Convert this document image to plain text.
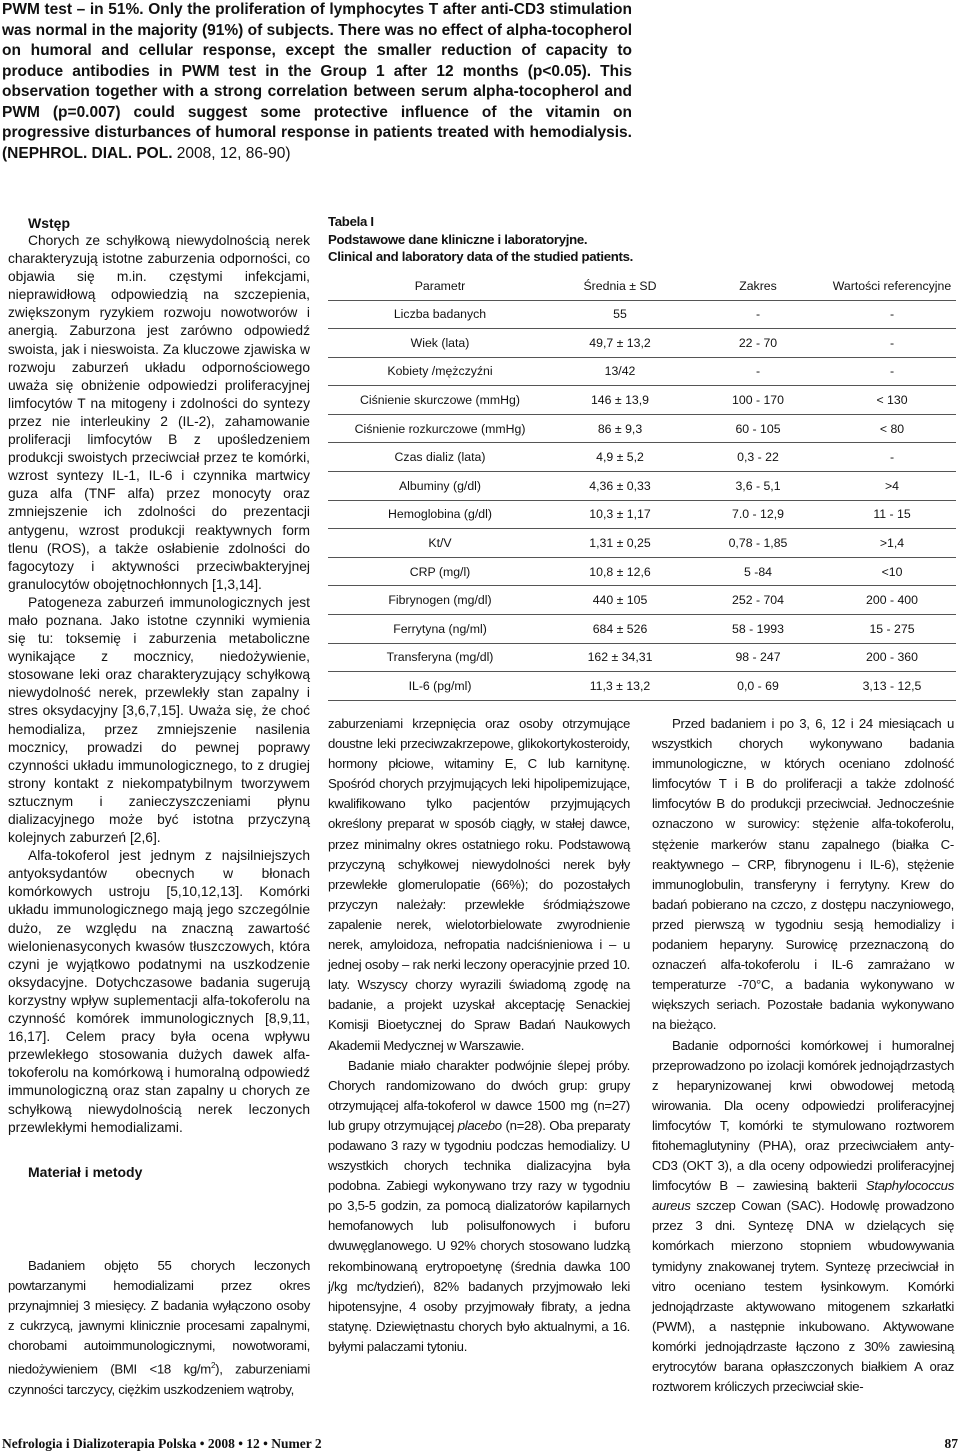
PWM test – in 51%. Only the proliferation of lymphocytes T after anti-CD3 stimulation was normal in the majority (91%) of subjects. There was no effect of alpha-tocopherol on humoral and cellular response, except the smaller reduction of capacity to produce antibodies in PWM test in the Group 1 after 12 months (p<0.05). This observation together with a strong correlation between serum alpha-tocopherol and PWM (p=0.007) could suggest some protective influence of the vitamin on progressive disturbances of humoral response in patients treated with hemodialysis.                 (NEPHROL. DIAL. POL. 2008, 12, 86-90)

Wstęp

Chorych ze schyłkową niewydolnością nerek charakteryzują istotne zaburzenia odporności, co objawia się m.in. częstymi infekcjami, nieprawidłową odpowiedzią na szczepienia, zwiększonym ryzykiem rozwoju nowotworów i anergią. Zaburzona jest zarówno odpowiedź swoista, jak i nieswoista. Za kluczowe zjawiska w rozwoju zaburzeń układu odpornościowego uważa się obniżenie odpowiedzi proliferacyjnej limfocytów T na mitogeny i zdolności do syntezy przez nie interleukiny 2 (IL-2), zahamowanie proliferacji limfocytów B z upośledzeniem produkcji swoistych przeciwciał przez te komórki, wzrost syntezy IL-1, IL-6 i czynnika martwicy guza alfa (TNF alfa) przez monocyty oraz zmniejszenie ich zdolności do prezentacji antygenu, wzrost produkcji reaktywnych form tlenu (ROS), a także osłabienie zdolności do fagocytozy i aktywności przeciwbakteryjnej granulocytów obojętnochłonnych [1,3,14].

Patogeneza zaburzeń immunologicznych jest mało poznana. Jako istotne czynniki wymienia się tu: toksemię i zaburzenia metaboliczne wynikające z mocznicy, niedożywienie, stosowane leki oraz charakteryzujący schyłkową niewydolność nerek, przewlekły stan zapalny i stres oksydacyjny [3,6,7,15]. Uważa się, że choć hemodializa, przez zmniejszenie nasilenia mocznicy, prowadzi do pewnej poprawy czynności układu immunologicznego, to z drugiej strony kontakt z niekompatybilnym tworzywem sztucznym i zanieczyszczeniami płynu dializacyjnego może być istotna przyczyną kolejnych zaburzeń [2,6].

Alfa-tokoferol jest jednym z najsilniejszych antyoksydantów obecnych w błonach komórkowych ustroju [5,10,12,13]. Komórki układu immunologicznego mają jego szczególnie dużo, ze względu na znaczną zawartość wielonienasyconych kwasów tłuszczowych, która czyni je wyjątkowo podatnymi na uszkodzenie oksydacyjne. Dotychczasowe badania sugerują korzystny wpływ suplementacji alfa-tokoferolu na czynność komórek immunologicznych [8,9,11, 16,17]. Celem pracy była ocena wpływu przewlekłego stosowania dużych dawek alfa-tokoferolu na komórkową i humoralną odpowiedź immunologiczną oraz stan zapalny u chorych ze schyłkową niewydolnością nerek leczonych przewlekłymi hemodializami.

Materiał i metody

Badaniem objęto 55 chorych leczonych powtarzanymi hemodializami przez okres przynajmniej 3 miesięcy. Z badania wyłączono osoby z cukrzycą, jawnymi klinicznie procesami zapalnymi, chorobami autoimmunologicznymi, nowotworami, niedożywieniem (BMI <18 $kg/m^2$), zaburzeniami czynności tarczycy, ciężkim uszkodzeniem wątroby,

Tabela I

Podstawowe dane kliniczne i laboratoryjne.

Clinical and laboratory data of the studied patients.

Parametr	Średnia ± SD	Zakres	Wartości referencyjne
Liczba badanych	55	-	-
Wiek (lata)	49,7 ± 13,2	22 - 70	-
Kobiety /mężczyźni	13/42	-	-
Ciśnienie skurczowe (mmHg)	146 ± 13,9	100 - 170	< 130
Ciśnienie rozkurczowe (mmHg)	86 ± 9,3	60 - 105	< 80
Czas dializ (lata)	4,9 ± 5,2	0,3 - 22	-
Albuminy (g/dl)	4,36 ± 0,33	3,6 - 5,1	>4
Hemoglobina (g/dl)	10,3 ± 1,17	7.0 - 12,9	11 - 15
Kt/V	1,31 ± 0,25	0,78 - 1,85	>1,4
CRP (mg/l)	10,8 ± 12,6	5 -84	<10
Fibrynogen (mg/dl)	440 ± 105	252 - 704	200 - 400
Ferrytyna (ng/ml)	684 ± 526	58 - 1993	15 - 275
Transferyna (mg/dl)	162 ± 34,31	98 - 247	200 - 360
IL-6 (pg/ml)	11,3 ± 13,2	0,0 - 69	3,13 - 12,5

zaburzeniami krzepnięcia oraz osoby otrzymujące doustne leki przeciwzakrzepowe, glikokortykosteroidy, hormony płciowe, witaminy E, C lub karnitynę. Spośród chorych przyjmujących leki hipolipemizujące, kwalifikowano tylko pacjentów przyjmujących określony preparat w sposób ciągły, w stałej dawce, przez minimalny okres ostatniego roku. Podstawową przyczyną schyłkowej niewydolności nerek były przewlekłe glomerulopatie (66%); do pozostałych przyczyn należały: przewlekłe śródmiąższowe zapalenie nerek, wielotorbielowate zwyrodnienie nerek, amyloidoza, nefropatia nadciśnieniowa i – u jednej osoby – rak nerki leczony operacyjnie przed 10. laty. Wszyscy chorzy wyrazili świadomą zgodę na badanie, a projekt uzyskał akceptację Senackiej Komisji Bioetycznej do Spraw Badań Naukowych Akademii Medycznej w Warszawie.

Badanie miało charakter podwójnie ślepej próby. Chorych randomizowano do dwóch grup: grupy otrzymującej alfa-tokoferol w dawce 1500 mg (n=27) lub grupy otrzymującej placebo (n=28). Oba preparaty podawano 3 razy w tygodniu podczas hemodializy. U wszystkich chorych technika dializacyjna była podobna. Zabiegi wykonywano trzy razy w tygodniu po 3,5-5 godzin, za pomocą dializatorów kapilarnych hemofanowych lub polisulfonowych i buforu dwuwęglanowego. U 92% chorych stosowano ludzką rekombinowaną erytropoetynę (średnia dawka 100 j/kg mc/tydzień), 82% badanych przyjmowało leki hipotensyjne, 4 osoby przyjmowały fibraty, a jedna statynę. Dziewiętnastu chorych było aktualnymi, a 16. byłymi palaczami tytoniu.

Przed badaniem i po 3, 6, 12 i 24 miesiącach u wszystkich chorych wykonywano badania immunologiczne, w których oceniano zdolność limfocytów T i B do proliferacji a także zdolność limfocytów B do produkcji przeciwciał. Jednocześnie oznaczono w surowicy: stężenie alfa-tokoferolu, stężenie markerów stanu zapalnego (białka C-reaktywnego – CRP, fibrynogenu i IL-6), stężenie immunoglobulin, transferyny i ferrytyny. Krew do badań pobierano na czczo, z dostępu naczyniowego, przed pierwszą w tygodniu sesją hemodializy i podaniem heparyny. Surowicę przeznaczoną do oznaczeń alfa-tokoferolu i IL-6 zamrażano w temperaturze -70°C, a badania wykonywano w większych seriach. Pozostałe badania wykonywano na bieżąco.

Badanie odporności komórkowej i humoralnej przeprowadzono po izolacji komórek jednojądrzastych z heparynizowanej krwi obwodowej metodą wirowania. Dla oceny odpowiedzi proliferacyjnej limfocytów T, komórki te stymulowano roztworem fitohemaglutyniny (PHA), oraz przeciwciałem anty-CD3 (OKT 3), a dla oceny odpowiedzi proliferacyjnej limfocytów B – zawiesiną bakterii Staphylococcus aureus szczep Cowan (SAC). Hodowlę prowadzono przez 3 dni. Syntezę DNA w dzielących się komórkach mierzono stopniem wbudowywania tymidyny znakowanej trytem. Syntezę przeciwciał in vitro oceniano testem łysinkowym. Komórki jednojądrzaste aktywowano mitogenem szkarłatki (PWM), a następnie inkubowano. Aktywowane komórki jednojądrzaste łączono z 30% zawiesiną erytrocytów barana opłaszczonych białkiem A oraz roztworem króliczych przeciwciał skie-

Nefrologia i Dializoterapia Polska • 2008 • 12 • Numer 2	87
